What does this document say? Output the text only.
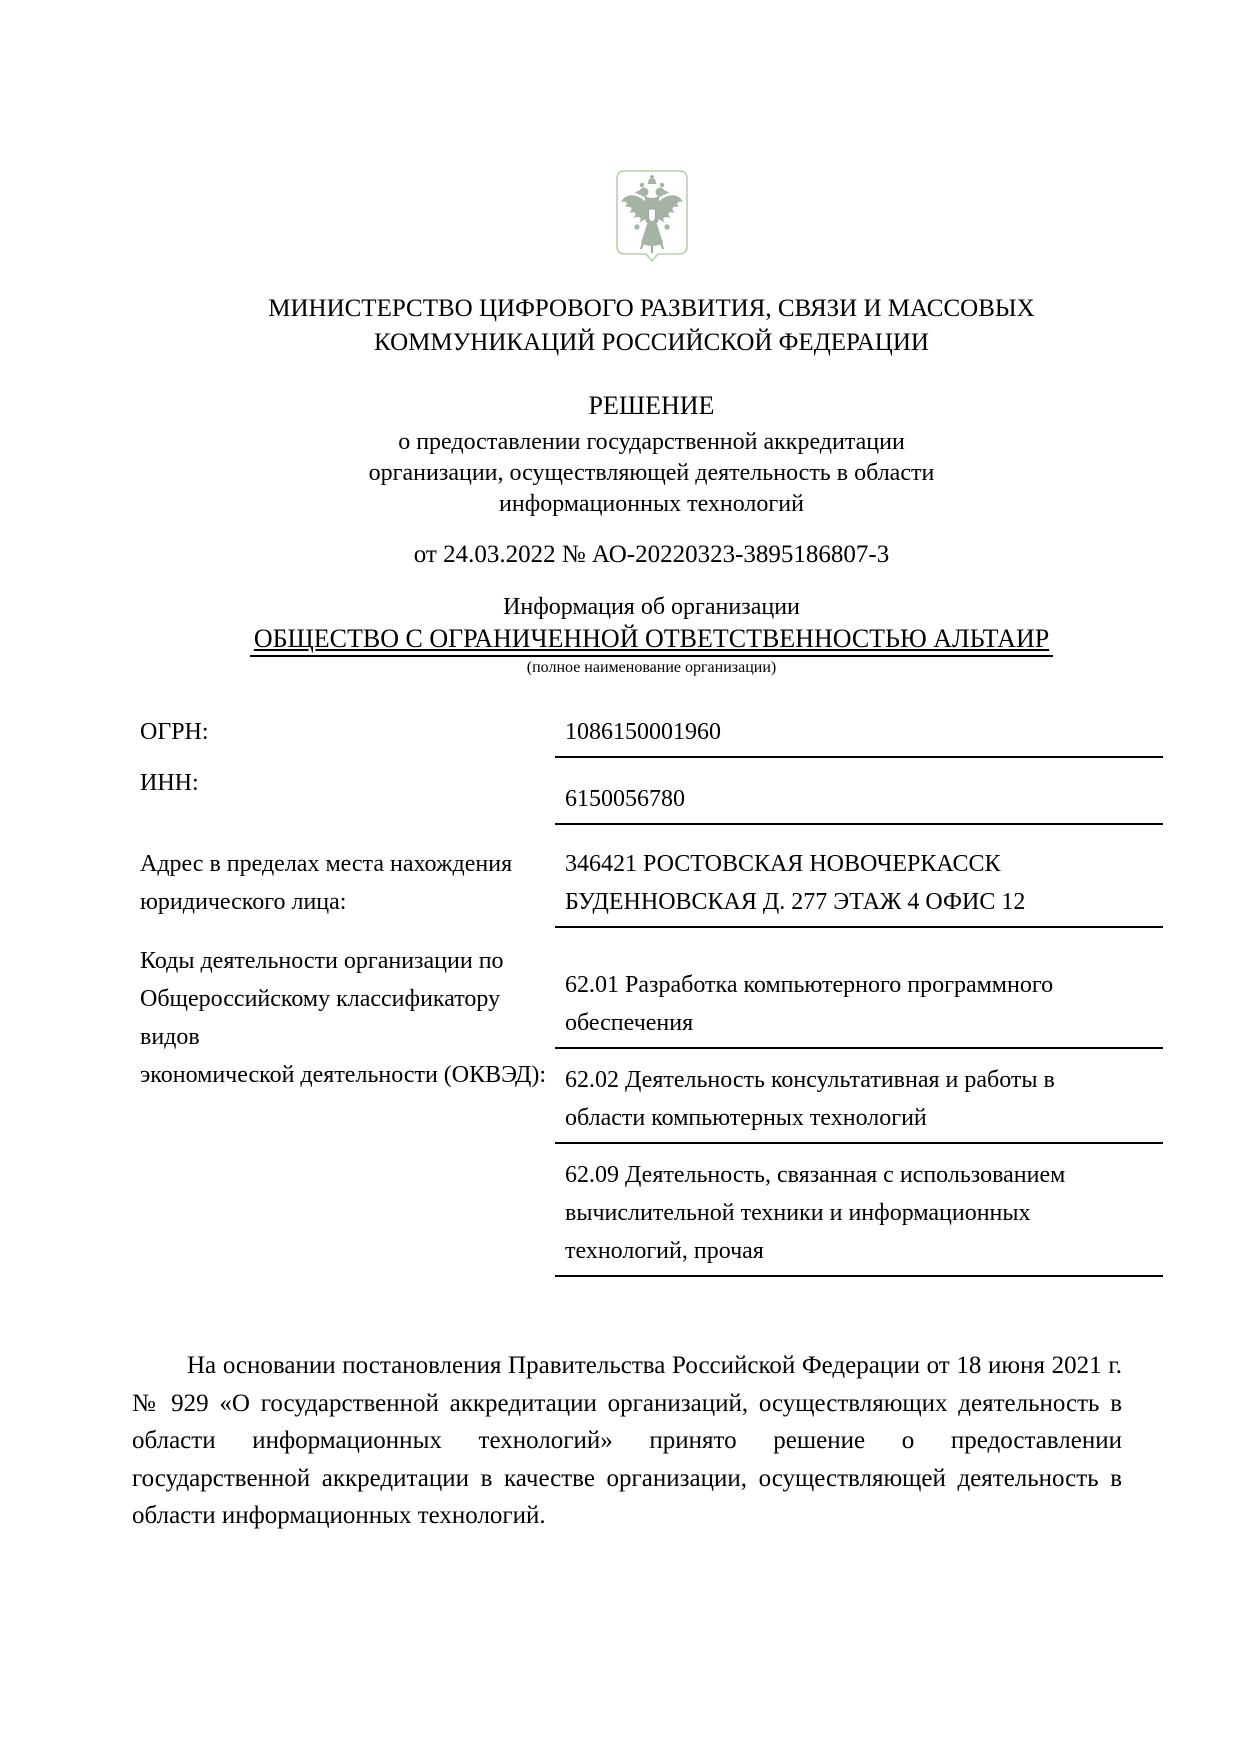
МИНИСТЕРСТВО ЦИФРОВОГО РАЗВИТИЯ, СВЯЗИ И МАССОВЫХ КОММУНИКАЦИЙ РОССИЙСКОЙ ФЕДЕРАЦИИ
РЕШЕНИЕ
о предоставлении государственной аккредитации
организации, осуществляющей деятельность в области
информационных технологий
от 24.03.2022 № АО-20220323-3895186807-3
Информация об организации
ОБЩЕСТВО С ОГРАНИЧЕННОЙ ОТВЕТСТВЕННОСТЬЮ АЛЬТАИР
(полное наименование организации)
ОГРН:	1086150001960
ИНН:
6150056780
Адрес в пределах места нахождения
юридического лица:
346421 РОСТОВСКАЯ НОВОЧЕРКАССК
БУДЕННОВСКАЯ Д. 277 ЭТАЖ 4 ОФИС 12
Коды деятельности организации по
Общероссийскому классификатору видов
экономической деятельности (ОКВЭД):
62.01 Разработка компьютерного программного
обеспечения
62.02 Деятельность консультативная и работы в
области компьютерных технологий
62.09 Деятельность, связанная с использованием
вычислительной техники и информационных
технологий, прочая

На основании постановления Правительства Российской Федерации от 18 июня 2021 г. № 929 «О государственной аккредитации организаций, осуществляющих деятельность в области информационных технологий» принято решение о предоставлении государственной аккредитации в качестве организации, осуществляющей деятельность в области информационных технологий.
